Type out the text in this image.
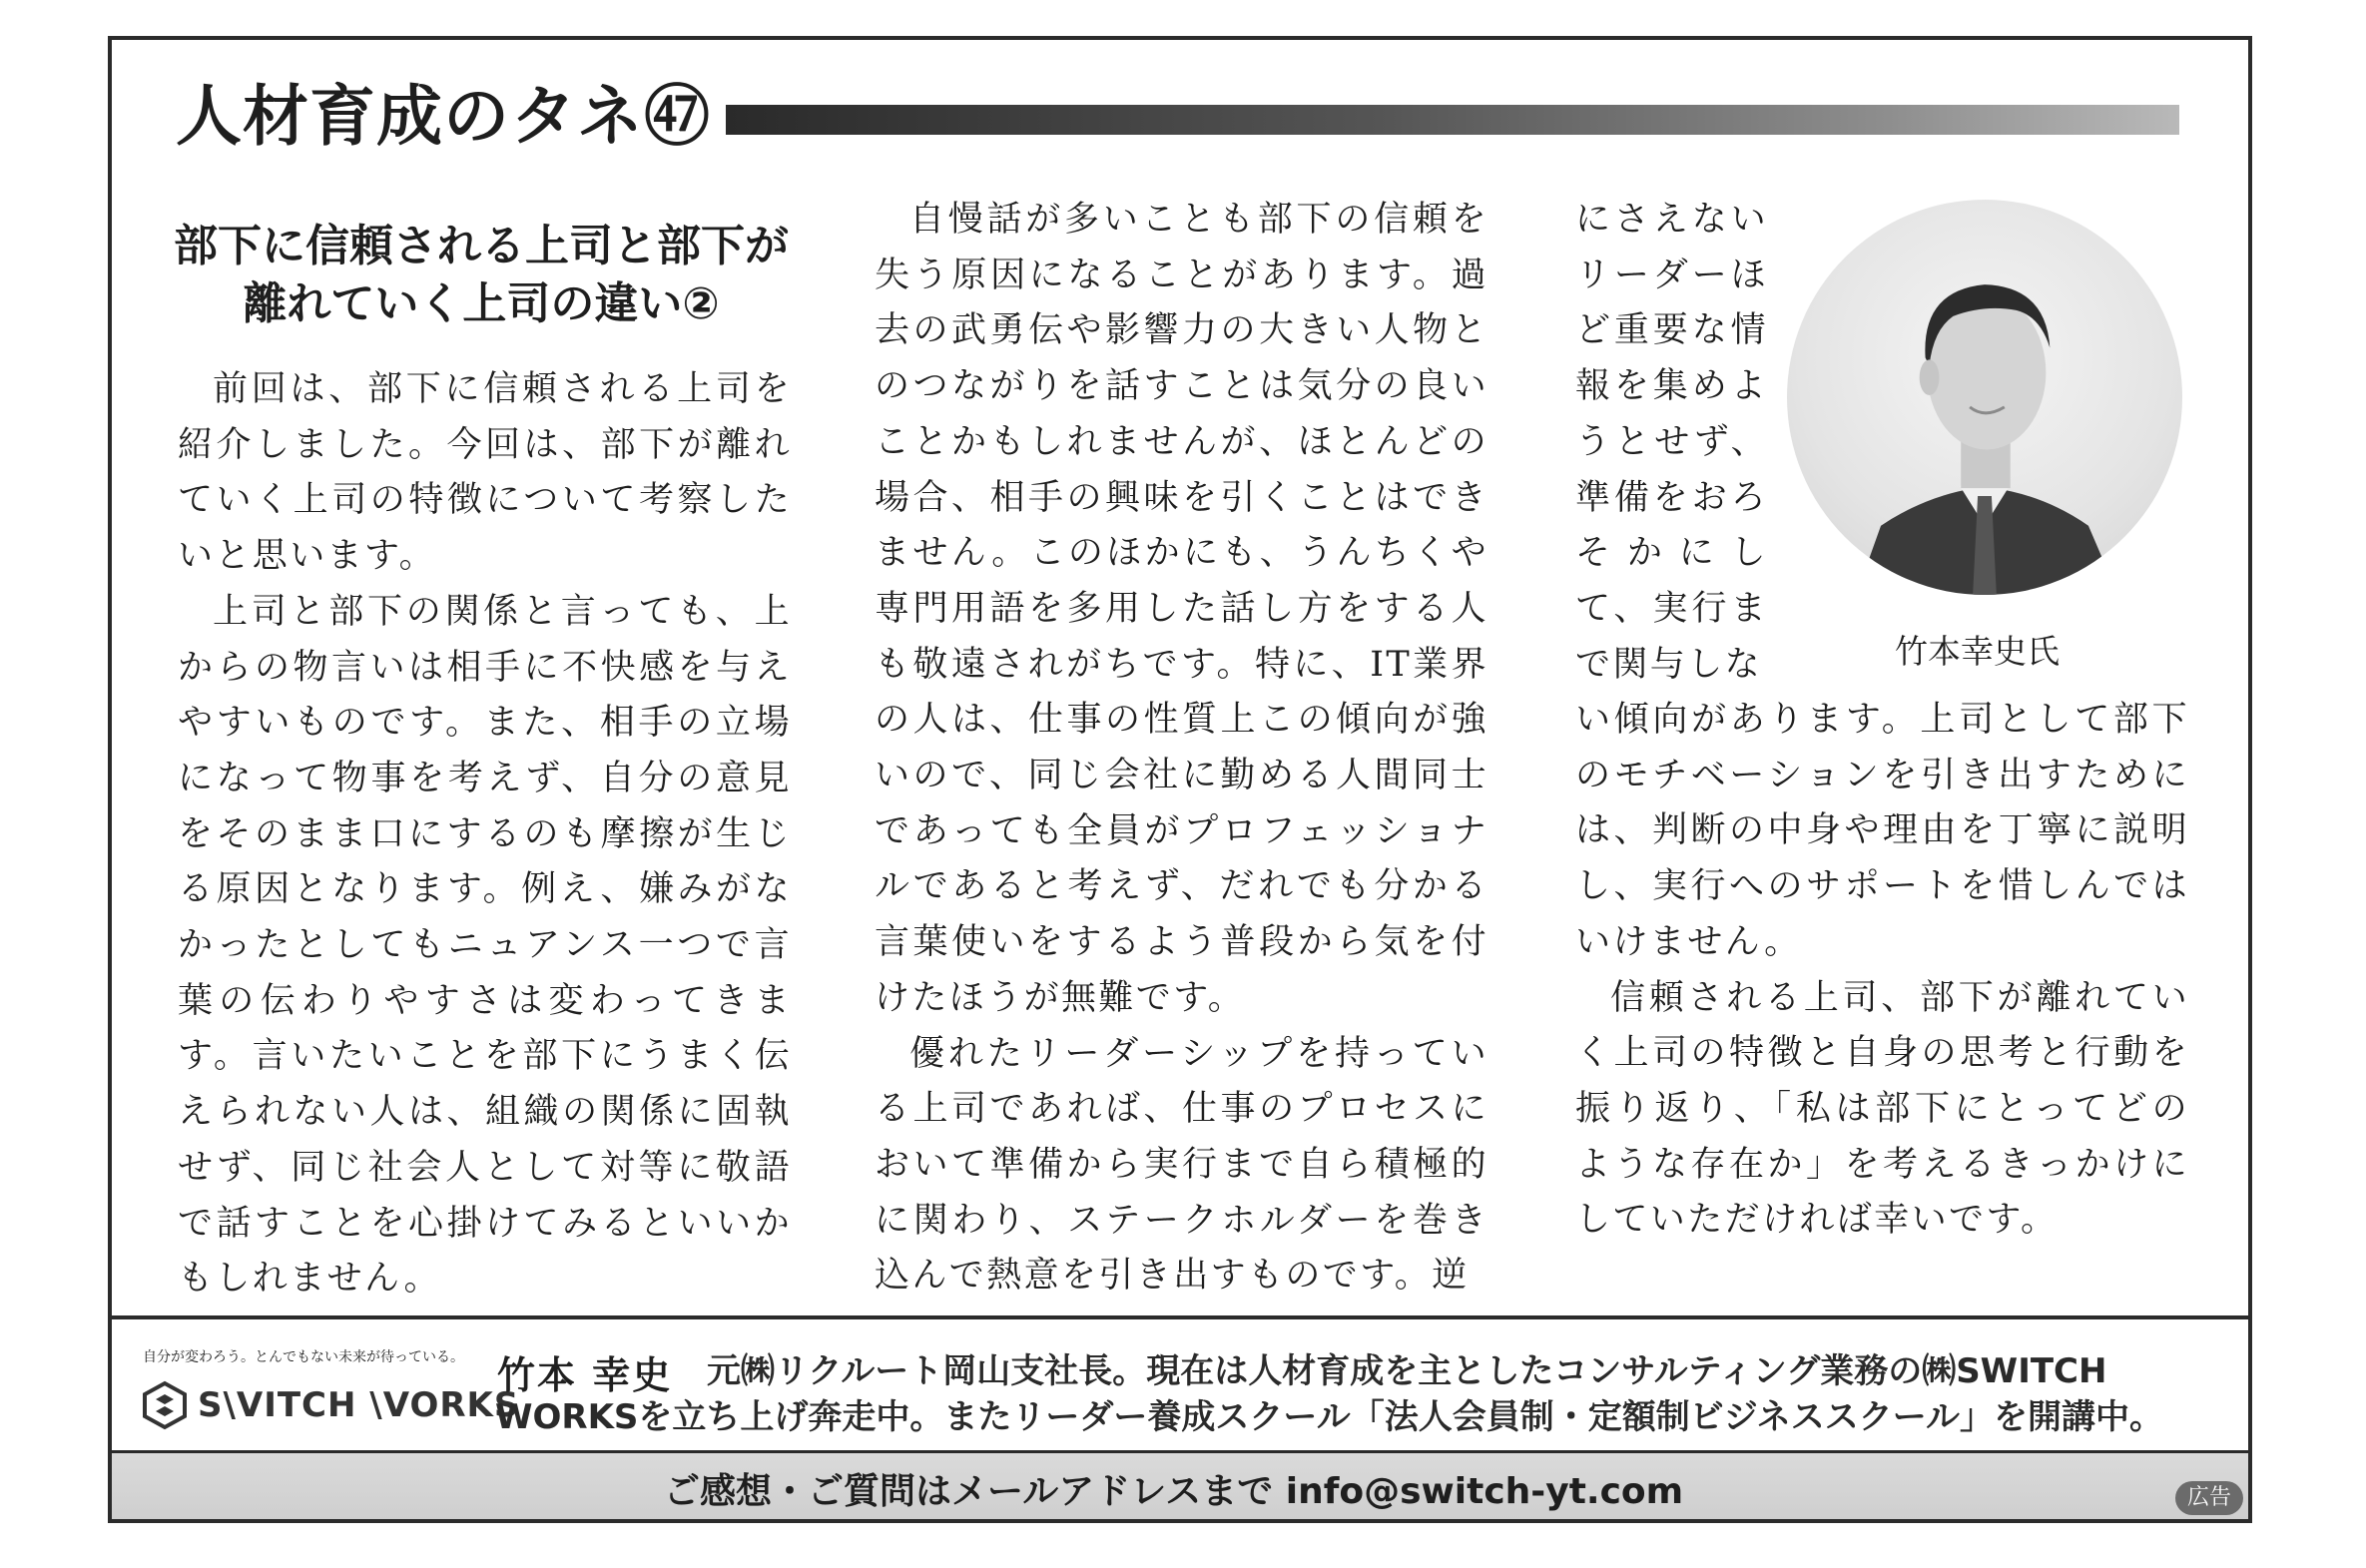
人材育成のタネ㊼
部下に信頼される上司と部下が
離れていく上司の違い②

前回は、部下に信頼される上司を紹介しました。今回は、部下が離れていく上司の特徴について考察したいと思います。

上司と部下の関係と言っても、上からの物言いは相手に不快感を与えやすいものです。また、相手の立場になって物事を考えず、自分の意見をそのまま口にするのも摩擦が生じる原因となります。例え、嫌みがなかったとしてもニュアンス一つで言葉の伝わりやすさは変わってきます。言いたいことを部下にうまく伝えられない人は、組織の関係に固執せず、同じ社会人として対等に敬語で話すことを心掛けてみるといいかもしれません。

自慢話が多いことも部下の信頼を失う原因になることがあります。過去の武勇伝や影響力の大きい人物とのつながりを話すことは気分の良いことかもしれませんが、ほとんどの場合、相手の興味を引くことはできません。このほかにも、うんちくや専門用語を多用した話し方をする人も敬遠されがちです。特に、IT業界の人は、仕事の性質上この傾向が強いので、同じ会社に勤める人間同士であっても全員がプロフェッショナルであると考えず、だれでも分かる言葉使いをするよう普段から気を付けたほうが無難です。

優れたリーダーシップを持っている上司であれば、仕事のプロセスにおいて準備から実行まで自ら積極的に関わり、ステークホルダーを巻き込んで熱意を引き出すものです。逆

にさえないリーダーほど重要な情報を集めようとせず、準備をおろそかにして、実行まで関与しな	竹本幸史氏

い傾向があります。上司として部下のモチベーションを引き出すためには、判断の中身や理由を丁寧に説明し、実行へのサポートを惜しんではいけません。

信頼される上司、部下が離れていく上司の特徴と自身の思考と行動を振り返り、「私は部下にとってどのような存在か」を考えるきっかけにしていただければ幸いです。

自分が変わろう。とんでもない未来が待っている。
S\VITCH \VORKS
竹本 幸史 元㈱リクルート岡山支社長。現在は人材育成を主としたコンサルティング業務の㈱SWITCH
WORKSを立ち上げ奔走中。またリーダー養成スクール「法人会員制・定額制ビジネススクール」を開講中。
ご感想・ご質問はメールアドレスまで info@switch-yt.com	広告
